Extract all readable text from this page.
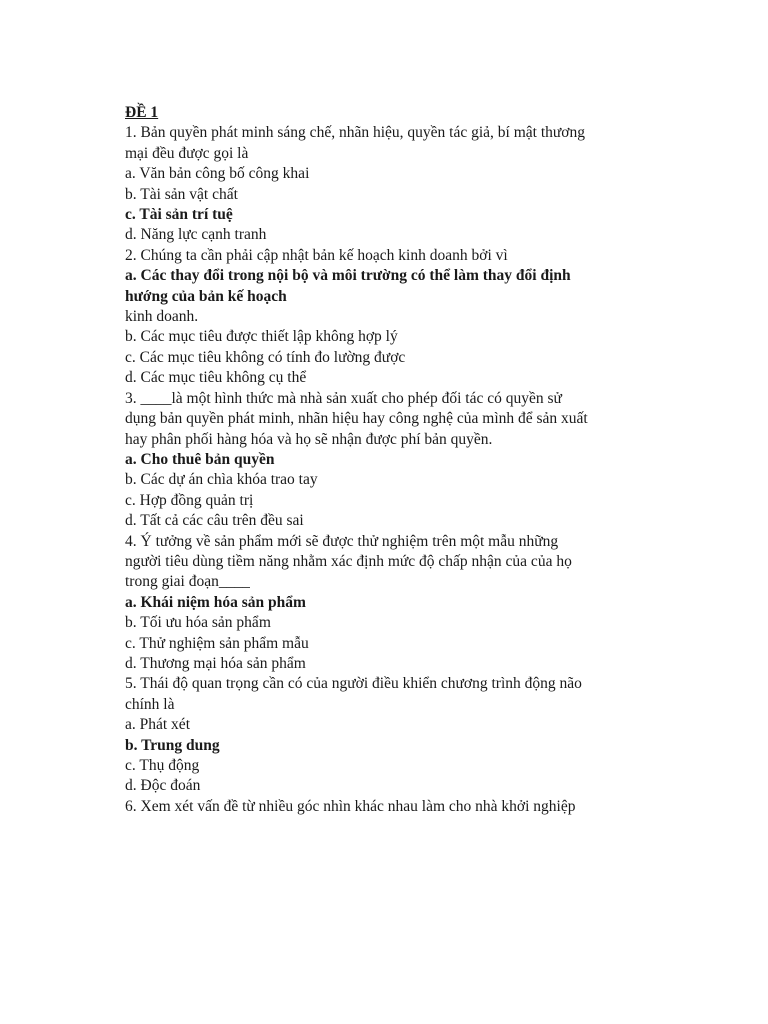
ĐỀ 1

1. Bản quyền phát minh sáng chế, nhãn hiệu, quyền tác giả, bí mật thương

mại đều được gọi là

a. Văn bản công bố công khai

b. Tài sản vật chất

c. Tài sản trí tuệ

d. Năng lực cạnh tranh

2. Chúng ta cần phải cập nhật bản kế hoạch kinh doanh bởi vì

a. Các thay đổi trong nội bộ và môi trường có thể làm thay đổi định

hướng của bản kế hoạch

kinh doanh.

b. Các mục tiêu được thiết lập không hợp lý

c. Các mục tiêu không có tính đo lường được

d. Các mục tiêu không cụ thể

3. ____là một hình thức mà nhà sản xuất cho phép đối tác có quyền sử

dụng bản quyền phát minh, nhãn hiệu hay công nghệ của mình để sản xuất

hay phân phối hàng hóa và họ sẽ nhận được phí bản quyền.

a. Cho thuê bản quyền

b. Các dự án chìa khóa trao tay

c. Hợp đồng quản trị

d. Tất cả các câu trên đều sai

4. Ý tưởng về sản phẩm mới sẽ được thử nghiệm trên một mẫu những

người tiêu dùng tiềm năng nhằm xác định mức độ chấp nhận của của họ

trong giai đoạn____

a. Khái niệm hóa sản phẩm

b. Tối ưu hóa sản phẩm

c. Thử nghiệm sản phẩm mẫu

d. Thương mại hóa sản phẩm

5. Thái độ quan trọng cần có của người điều khiển chương trình động não

chính là

a. Phát xét

b. Trung dung

c. Thụ động

d. Độc đoán

6. Xem xét vấn đề từ nhiều góc nhìn khác nhau làm cho nhà khởi nghiệp
